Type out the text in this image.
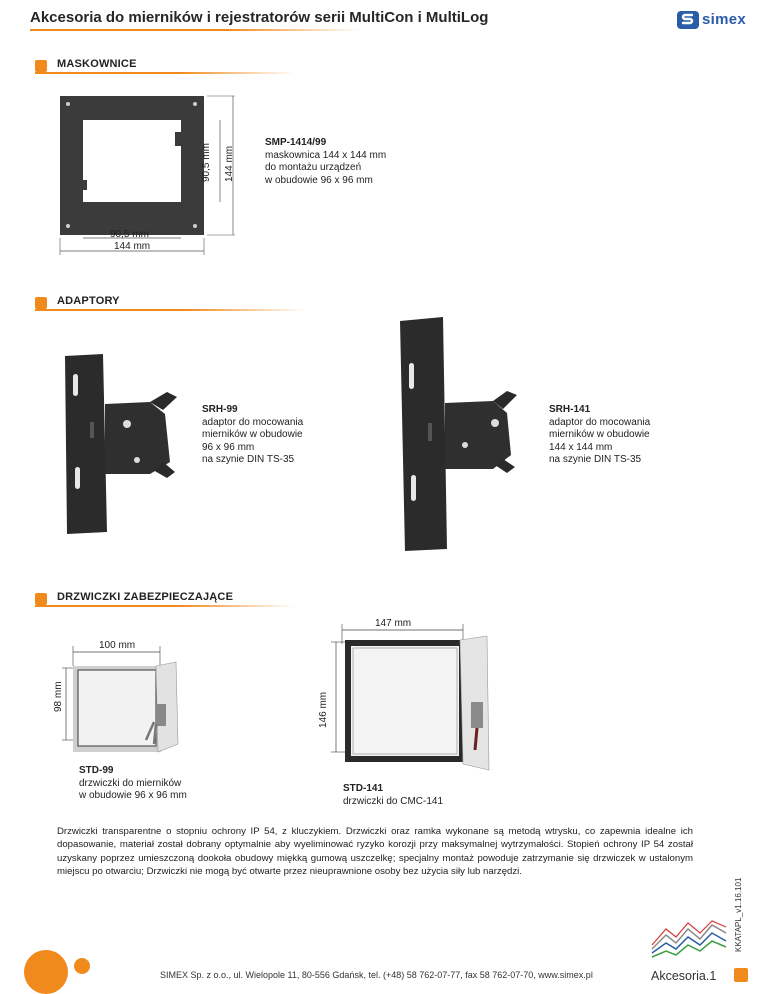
Akcesoria do mierników i rejestratorów serii MultiCon i MultiLog	simex
MASKOWNICE
90,5 mm 144 mm
90,5 mm
144 mm
SMP-1414/99
maskownica 144 x 144 mm
do montażu urządzeń
w obudowie 96 x 96 mm
ADAPTORY
SRH-99
adaptor do mocowania
mierników w obudowie
96 x 96 mm
na szynie DIN TS-35
SRH-141
adaptor do mocowania
mierników w obudowie
144 x 144 mm
na szynie DIN TS-35
DRZWICZKI ZABEZPIECZAJĄCE
100 mm
98 mm
STD-99
drzwiczki do mierników
w obudowie 96 x 96 mm
147 mm
146 mm
STD-141
drzwiczki do CMC-141
Drzwiczki transparentne o stopniu ochrony IP 54, z kluczykiem. Drzwiczki oraz ramka wykonane są metodą wtrysku, co zapewnia idealne ich dopasowanie, materiał został dobrany optymalnie aby wyeliminować ryzyko korozji przy maksymalnej wytrzymałości. Stopień ochrony IP 54 został uzyskany poprzez umieszczoną dookoła obudowy miękką gumową uszczelkę; specjalny montaż powoduje zatrzymanie się drzwiczek w ustalonym miejscu po otwarciu; Drzwiczki nie mogą być otwarte przez nieuprawnione osoby bez użycia siły lub narzędzi.
SIMEX Sp. z o.o., ul. Wielopole 11, 80-556 Gdańsk, tel. (+48) 58 762-07-77, fax 58 762-07-70, www.simex.pl	Akcesoria.1
KKATAPL_v1.16.101
